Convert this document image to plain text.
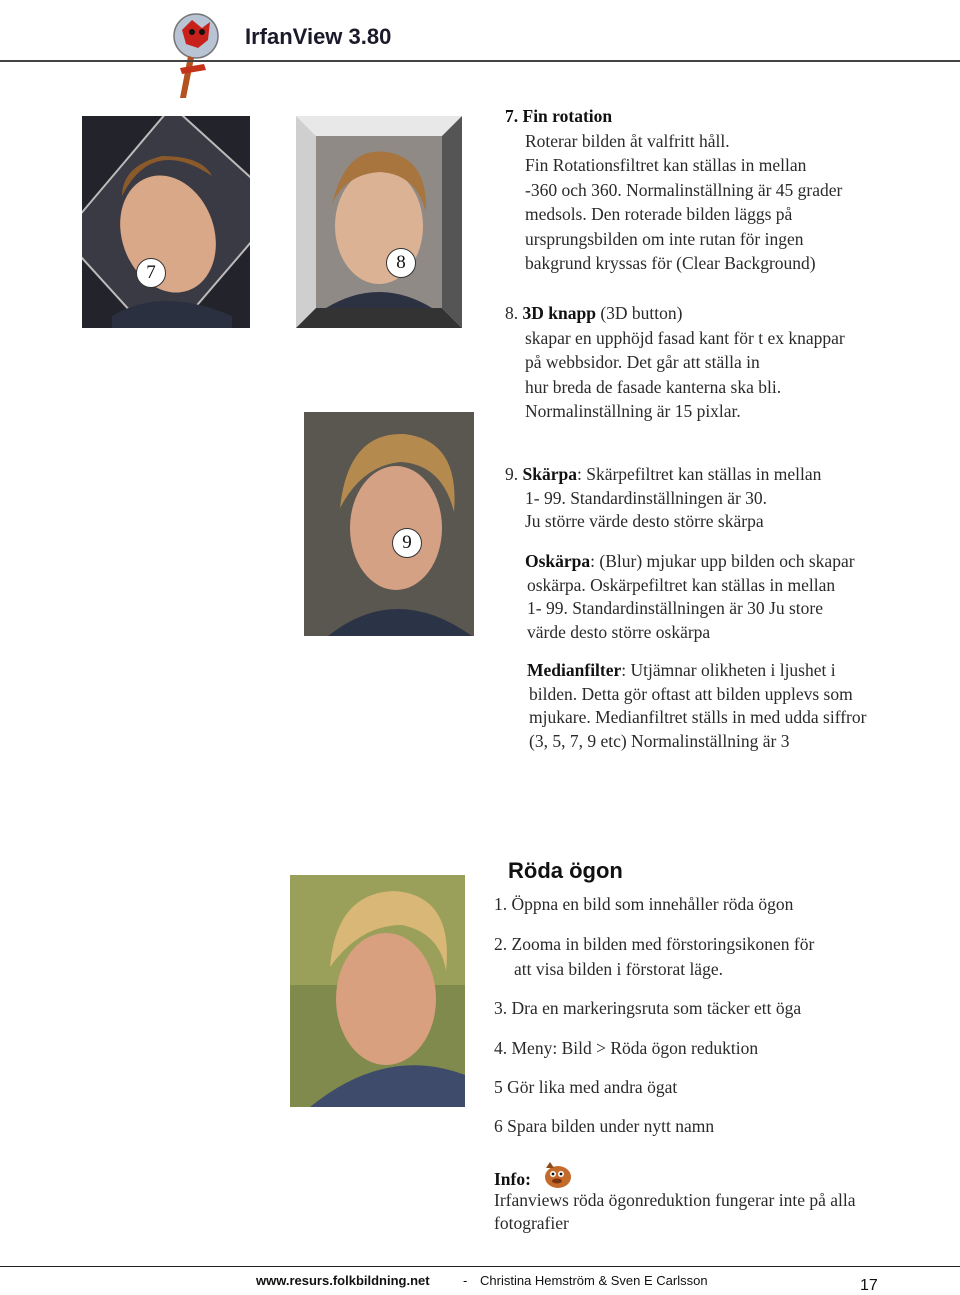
IrfanView 3.80
7	8
9
7. Fin rotation
Roterar bilden åt valfritt håll.
Fin Rotationsfiltret kan ställas in mellan
-360 och 360. Normalinställning är 45 grader
medsols. Den roterade bilden läggs på
ursprungsbilden om inte rutan för ingen
bakgrund kryssas för (Clear Background)
8. 3D knapp (3D button)
skapar en upphöjd fasad kant för t ex knappar
på webbsidor. Det går att ställa in
hur breda de fasade kanterna ska bli.
Normalinställning är 15 pixlar.
9. Skärpa: Skärpefiltret kan ställas in mellan
1- 99. Standardinställningen är 30.
Ju större värde desto större skärpa
Oskärpa: (Blur) mjukar upp bilden och skapar
oskärpa. Oskärpefiltret kan ställas in mellan
1- 99. Standardinställningen är 30 Ju store
värde desto större oskärpa
Medianfilter: Utjämnar olikheten i ljushet i
bilden. Detta gör oftast att bilden upplevs som
mjukare. Medianfiltret ställs in med udda siffror
(3, 5, 7, 9 etc) Normalinställning är 3
Röda ögon
1. Öppna en bild som innehåller röda ögon
2. Zooma in bilden med förstoringsikonen för
att visa bilden i förstorat läge.
3. Dra en markeringsruta som täcker ett öga
4. Meny: Bild > Röda ögon reduktion
5 Gör lika med andra ögat
6 Spara bilden under nytt namn
Info:
Irfanviews röda ögonreduktion fungerar inte på alla
fotografier
www.resurs.folkbildning.net	- Christina Hemström & Sven E Carlsson	17
